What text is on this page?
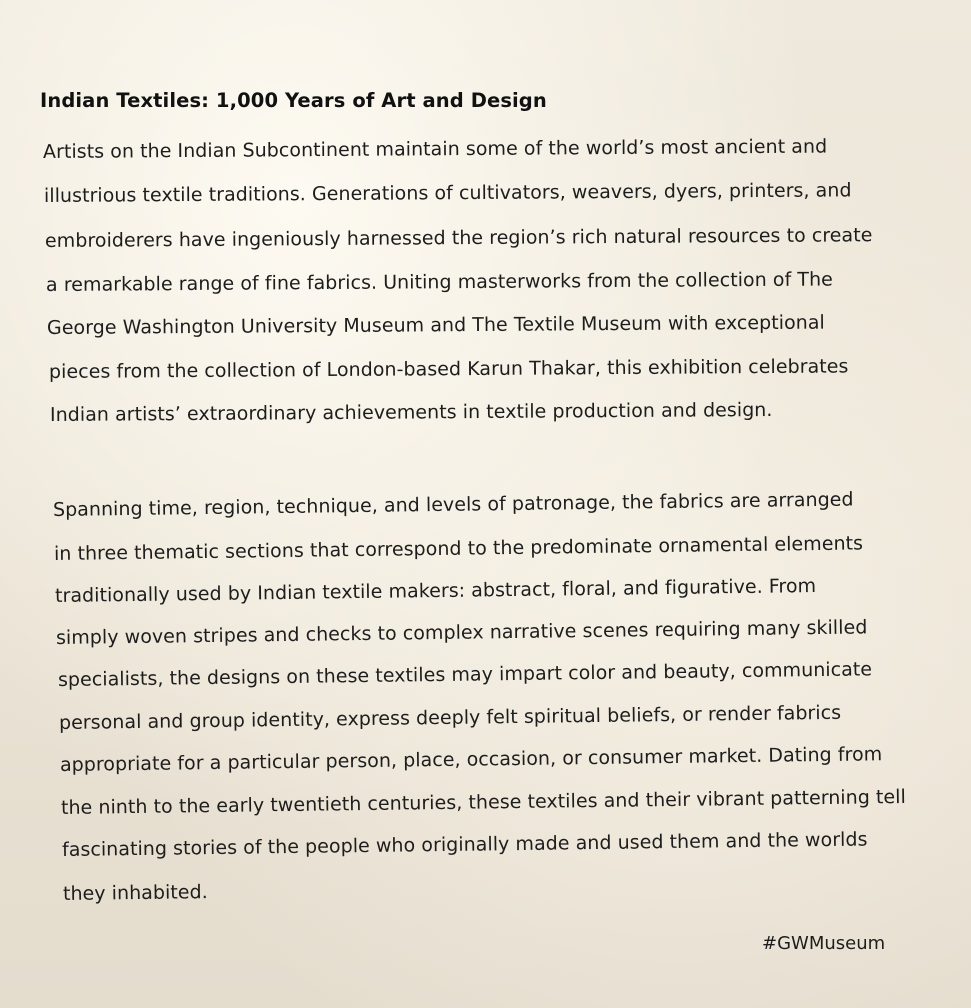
Indian Textiles: 1,000 Years of Art and Design
Artists on the Indian Subcontinent maintain some of the world’s most ancient and
illustrious textile traditions. Generations of cultivators, weavers, dyers, printers, and
embroiderers have ingeniously harnessed the region’s rich natural resources to create
a remarkable range of fine fabrics. Uniting masterworks from the collection of The
George Washington University Museum and The Textile Museum with exceptional
pieces from the collection of London-based Karun Thakar, this exhibition celebrates
Indian artists’ extraordinary achievements in textile production and design.
Spanning time, region, technique, and levels of patronage, the fabrics are arranged
in three thematic sections that correspond to the predominate ornamental elements
traditionally used by Indian textile makers: abstract, floral, and figurative. From
simply woven stripes and checks to complex narrative scenes requiring many skilled
specialists, the designs on these textiles may impart color and beauty, communicate
personal and group identity, express deeply felt spiritual beliefs, or render fabrics
appropriate for a particular person, place, occasion, or consumer market. Dating from
the ninth to the early twentieth centuries, these textiles and their vibrant patterning tell
fascinating stories of the people who originally made and used them and the worlds
they inhabited.
#GWMuseum
